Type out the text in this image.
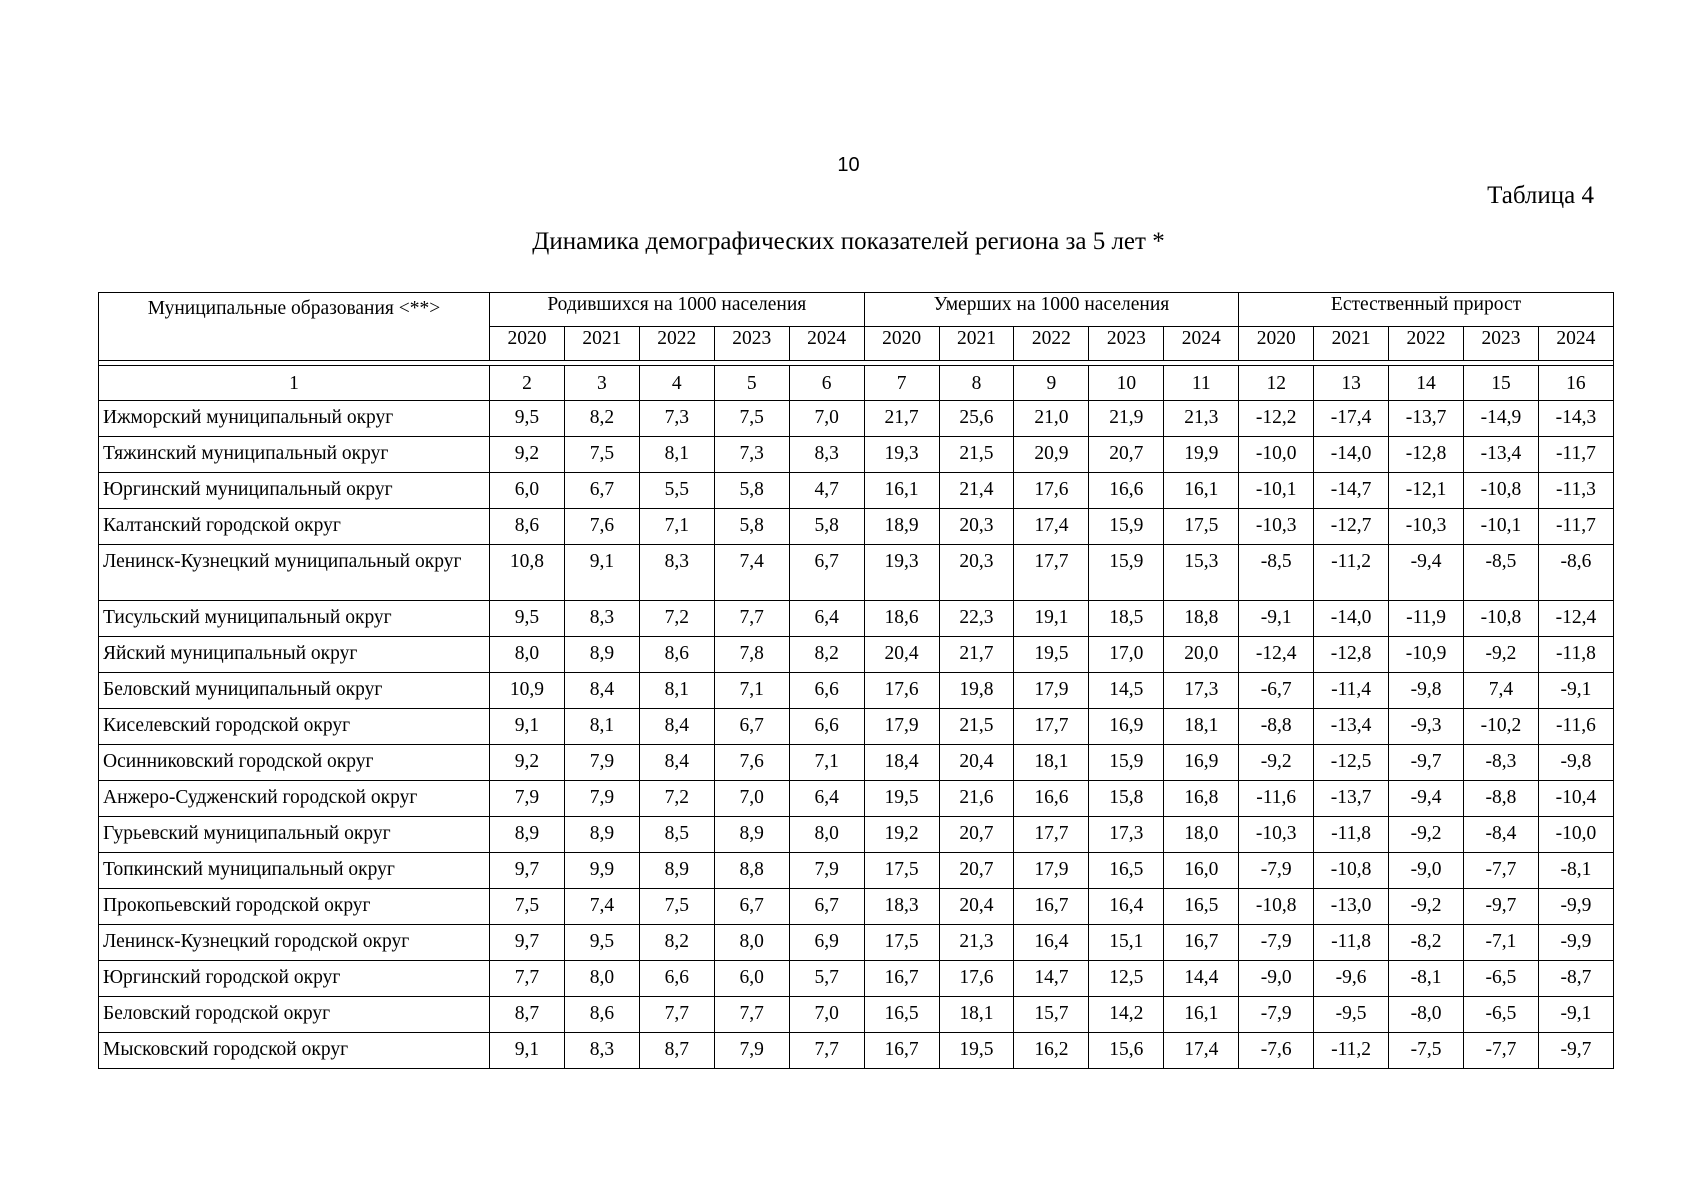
10
Таблица 4
Динамика демографических показателей региона за 5 лет *
Муниципальные образования <**>	Родившихся на 1000 населения					Умерших на 1000 населения					Естественный прирост				
	2020	2021	2022	2023	2024	2020	2021	2022	2023	2024	2020	2021	2022	2023	2024

1	2	3	4	5	6	7	8	9	10	11	12	13	14	15	16
Ижморский муниципальный округ	9,5	8,2	7,3	7,5	7,0	21,7	25,6	21,0	21,9	21,3	-12,2	-17,4	-13,7	-14,9	-14,3
Тяжинский муниципальный округ	9,2	7,5	8,1	7,3	8,3	19,3	21,5	20,9	20,7	19,9	-10,0	-14,0	-12,8	-13,4	-11,7
Юргинский муниципальный округ	6,0	6,7	5,5	5,8	4,7	16,1	21,4	17,6	16,6	16,1	-10,1	-14,7	-12,1	-10,8	-11,3
Калтанский городской округ	8,6	7,6	7,1	5,8	5,8	18,9	20,3	17,4	15,9	17,5	-10,3	-12,7	-10,3	-10,1	-11,7
Ленинск-Кузнецкий муниципальный округ	10,8	9,1	8,3	7,4	6,7	19,3	20,3	17,7	15,9	15,3	-8,5	-11,2	-9,4	-8,5	-8,6
Тисульский муниципальный округ	9,5	8,3	7,2	7,7	6,4	18,6	22,3	19,1	18,5	18,8	-9,1	-14,0	-11,9	-10,8	-12,4
Яйский муниципальный округ	8,0	8,9	8,6	7,8	8,2	20,4	21,7	19,5	17,0	20,0	-12,4	-12,8	-10,9	-9,2	-11,8
Беловский муниципальный округ	10,9	8,4	8,1	7,1	6,6	17,6	19,8	17,9	14,5	17,3	-6,7	-11,4	-9,8	7,4	-9,1
Киселевский городской округ	9,1	8,1	8,4	6,7	6,6	17,9	21,5	17,7	16,9	18,1	-8,8	-13,4	-9,3	-10,2	-11,6
Осинниковский городской округ	9,2	7,9	8,4	7,6	7,1	18,4	20,4	18,1	15,9	16,9	-9,2	-12,5	-9,7	-8,3	-9,8
Анжеро-Судженский городской округ	7,9	7,9	7,2	7,0	6,4	19,5	21,6	16,6	15,8	16,8	-11,6	-13,7	-9,4	-8,8	-10,4
Гурьевский муниципальный округ	8,9	8,9	8,5	8,9	8,0	19,2	20,7	17,7	17,3	18,0	-10,3	-11,8	-9,2	-8,4	-10,0
Топкинский муниципальный округ	9,7	9,9	8,9	8,8	7,9	17,5	20,7	17,9	16,5	16,0	-7,9	-10,8	-9,0	-7,7	-8,1
Прокопьевский городской округ	7,5	7,4	7,5	6,7	6,7	18,3	20,4	16,7	16,4	16,5	-10,8	-13,0	-9,2	-9,7	-9,9
Ленинск-Кузнецкий городской округ	9,7	9,5	8,2	8,0	6,9	17,5	21,3	16,4	15,1	16,7	-7,9	-11,8	-8,2	-7,1	-9,9
Юргинский городской округ	7,7	8,0	6,6	6,0	5,7	16,7	17,6	14,7	12,5	14,4	-9,0	-9,6	-8,1	-6,5	-8,7
Беловский городской округ	8,7	8,6	7,7	7,7	7,0	16,5	18,1	15,7	14,2	16,1	-7,9	-9,5	-8,0	-6,5	-9,1
Мысковский городской округ	9,1	8,3	8,7	7,9	7,7	16,7	19,5	16,2	15,6	17,4	-7,6	-11,2	-7,5	-7,7	-9,7
